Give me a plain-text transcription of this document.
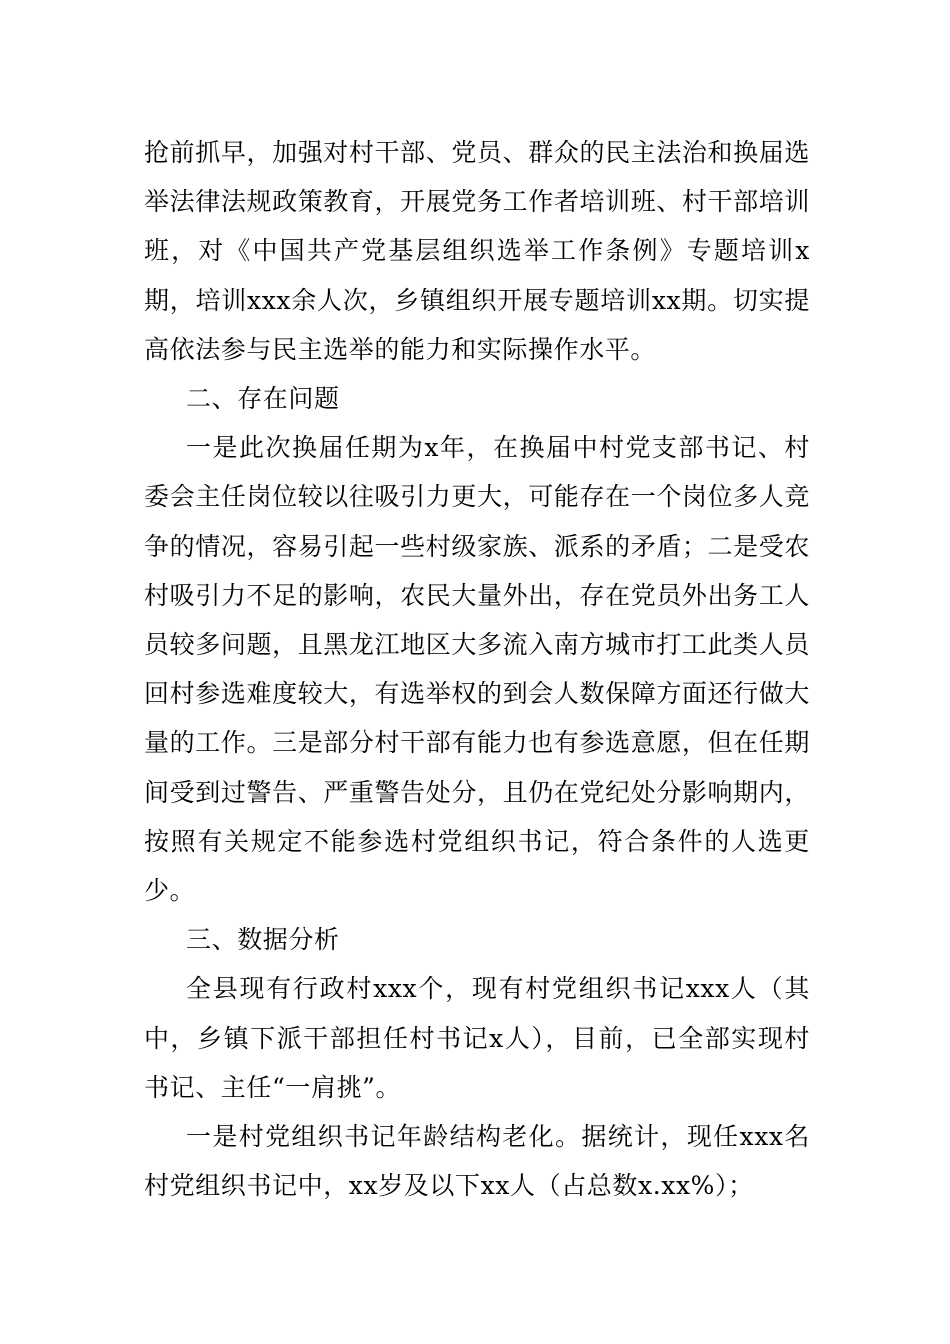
抢前抓早，加强对村干部、党员、群众的民主法治和换届选举法律法规政策教育，开展党务工作者培训班、村干部培训班，对《中国共产党基层组织选举工作条例》专题培训x期，培训xxx余人次，乡镇组织开展专题培训xx期。切实提高依法参与民主选举的能力和实际操作水平。

二、存在问题

一是此次换届任期为x年，在换届中村党支部书记、村委会主任岗位较以往吸引力更大，可能存在一个岗位多人竞争的情况，容易引起一些村级家族、派系的矛盾；二是受农村吸引力不足的影响，农民大量外出，存在党员外出务工人员较多问题，且黑龙江地区大多流入南方城市打工此类人员回村参选难度较大，有选举权的到会人数保障方面还行做大量的工作。三是部分村干部有能力也有参选意愿，但在任期间受到过警告、严重警告处分，且仍在党纪处分影响期内，按照有关规定不能参选村党组织书记，符合条件的人选更少。

三、数据分析

全县现有行政村xxx个，现有村党组织书记xxx人（其中，乡镇下派干部担任村书记x人），目前，已全部实现村书记、主任“一肩挑”。

一是村党组织书记年龄结构老化。据统计，现任xxx名村党组织书记中，xx岁及以下xx人（占总数x.xx%）；
